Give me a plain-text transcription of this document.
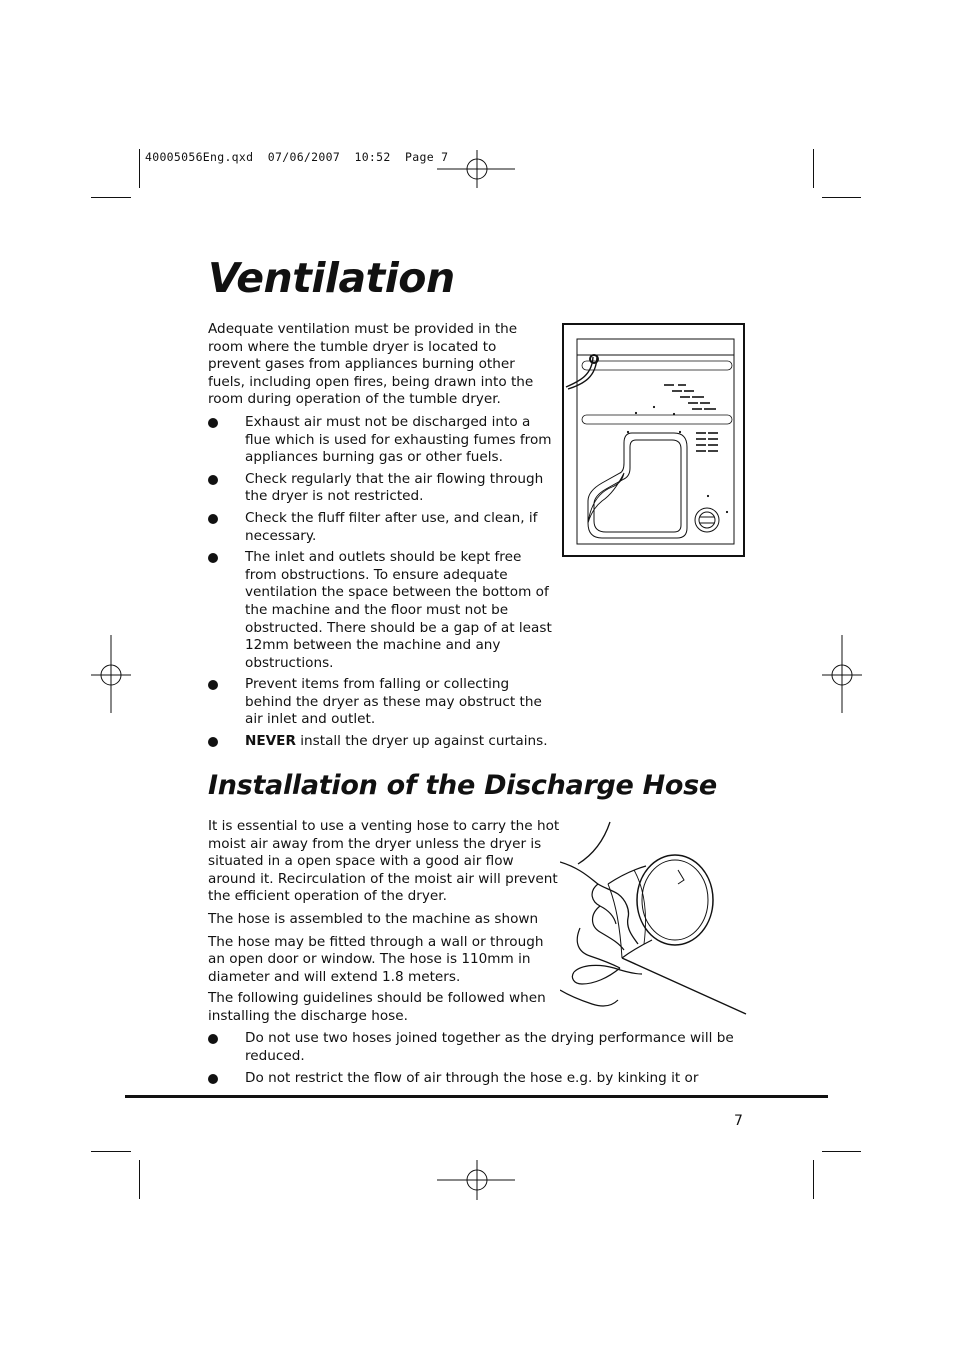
40005056Eng.qxd  07/06/2007  10:52  Page 7
Ventilation

Adequate ventilation must be provided in the room where the tumble dryer is located to prevent gases from appliances burning other fuels, including open fires, being drawn into the room during operation of the tumble dryer.

Exhaust air must not be discharged into a flue which is used for exhausting fumes from appliances burning gas or other fuels.
Check regularly that the air flowing through the dryer is not restricted.
Check the fluff filter after use, and clean, if necessary.
The inlet and outlets should be kept free from obstructions. To ensure adequate ventilation the space between the bottom of the machine and the floor must not be obstructed. There should be a gap of at least 12mm between the machine and any obstructions.
Prevent items from falling or collecting behind the dryer as these may obstruct the air inlet and outlet.
NEVER install the dryer up against curtains.
Installation of the Discharge Hose

It is essential to use a venting hose to carry the hot moist air away from the dryer unless the dryer is situated in a open space with a good air flow around it. Recirculation of the moist air will prevent the efficient operation of the dryer.

The hose is assembled to the machine as shown

The hose may be fitted through a wall or through an open door or window. The hose is 110mm in diameter and will extend 1.8 meters.

The following guidelines should be followed when installing the discharge hose.

Do not use two hoses joined together as the drying performance will be reduced.
Do not restrict the flow of air through the hose e.g. by kinking it or
7
